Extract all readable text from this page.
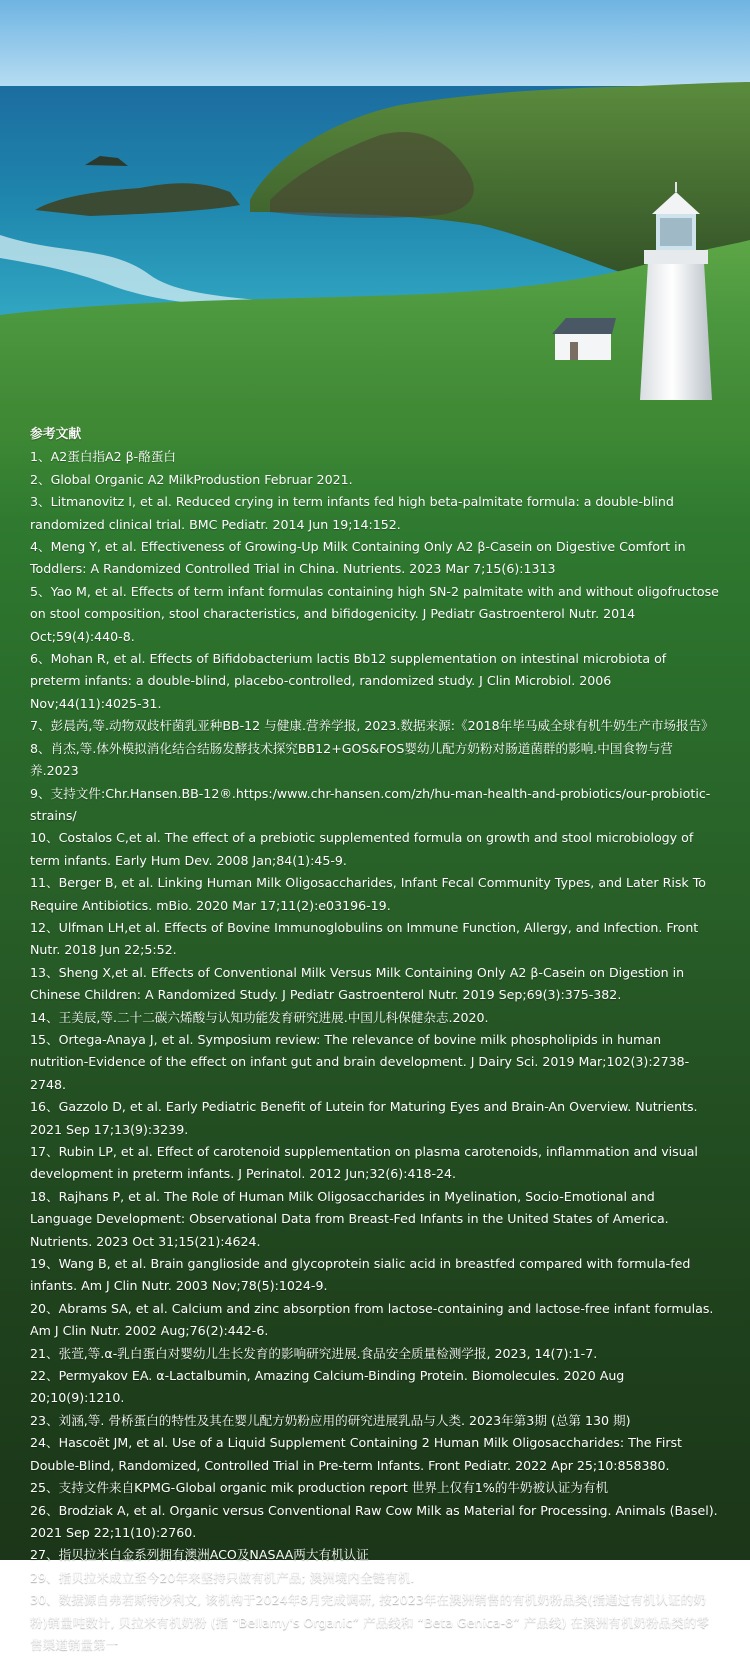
参考文献
1、A2蛋白指A2 β-酪蛋白
2、Global Organic A2 MilkProdustion Februar 2021.
3、Litmanovitz I, et al. Reduced crying in term infants fed high beta-palmitate formula: a double-blind randomized clinical trial. BMC Pediatr. 2014 Jun 19;14:152.
4、Meng Y, et al. Effectiveness of Growing-Up Milk Containing Only A2 β-Casein on Digestive Comfort in Toddlers: A Randomized Controlled Trial in China. Nutrients. 2023 Mar 7;15(6):1313
5、Yao M, et al. Effects of term infant formulas containing high SN-2 palmitate with and without oligofructose on stool composition, stool characteristics, and bifidogenicity. J Pediatr Gastroenterol Nutr. 2014 Oct;59(4):440-8.
6、Mohan R, et al. Effects of Bifidobacterium lactis Bb12 supplementation on intestinal microbiota of preterm infants: a double-blind, placebo-controlled, randomized study. J Clin Microbiol. 2006 Nov;44(11):4025-31.
7、彭晨芮,等.动物双歧杆菌乳亚种BB-12 与健康.营养学报, 2023.数据来源:《2018年毕马威全球有机牛奶生产市场报告》
8、肖杰,等.体外模拟消化结合结肠发酵技术探究BB12+GOS&FOS婴幼儿配方奶粉对肠道菌群的影响.中国食物与营养.2023
9、支持文件:Chr.Hansen.BB-12®.https:/www.chr-hansen.com/zh/hu-man-health-and-probiotics/our-probiotic-strains/
10、Costalos C,et al. The effect of a prebiotic supplemented formula on growth and stool microbiology of term infants. Early Hum Dev. 2008 Jan;84(1):45-9.
11、Berger B, et al. Linking Human Milk Oligosaccharides, Infant Fecal Community Types, and Later Risk To Require Antibiotics. mBio. 2020 Mar 17;11(2):e03196-19.
12、Ulfman LH,et al. Effects of Bovine Immunoglobulins on Immune Function, Allergy, and Infection. Front Nutr. 2018 Jun 22;5:52.
13、Sheng X,et al. Effects of Conventional Milk Versus Milk Containing Only A2 β-Casein on Digestion in Chinese Children: A Randomized Study. J Pediatr Gastroenterol Nutr. 2019 Sep;69(3):375-382.
14、王美辰,等.二十二碳六烯酸与认知功能发育研究进展.中国儿科保健杂志.2020.
15、Ortega-Anaya J, et al. Symposium review: The relevance of bovine milk phospholipids in human nutrition-Evidence of the effect on infant gut and brain development. J Dairy Sci. 2019 Mar;102(3):2738-2748.
16、Gazzolo D, et al. Early Pediatric Benefit of Lutein for Maturing Eyes and Brain-An Overview. Nutrients. 2021 Sep 17;13(9):3239.
17、Rubin LP, et al. Effect of carotenoid supplementation on plasma carotenoids, inflammation and visual development in preterm infants. J Perinatol. 2012 Jun;32(6):418-24.
18、Rajhans P, et al. The Role of Human Milk Oligosaccharides in Myelination, Socio-Emotional and Language Development: Observational Data from Breast-Fed Infants in the United States of America. Nutrients. 2023 Oct 31;15(21):4624.
19、Wang B, et al. Brain ganglioside and glycoprotein sialic acid in breastfed compared with formula-fed infants. Am J Clin Nutr. 2003 Nov;78(5):1024-9.
20、Abrams SA, et al. Calcium and zinc absorption from lactose-containing and lactose-free infant formulas. Am J Clin Nutr. 2002 Aug;76(2):442-6.
21、张萱,等.α-乳白蛋白对婴幼儿生长发育的影响研究进展.食品安全质量检测学报, 2023, 14(7):1-7.
22、Permyakov EA. α-Lactalbumin, Amazing Calcium-Binding Protein. Biomolecules. 2020 Aug 20;10(9):1210.
23、刘涵,等. 骨桥蛋白的特性及其在婴儿配方奶粉应用的研究进展乳品与人类. 2023年第3期 (总第 130 期)
24、Hascoët JM, et al. Use of a Liquid Supplement Containing 2 Human Milk Oligosaccharides: The First Double-Blind, Randomized, Controlled Trial in Pre-term Infants. Front Pediatr. 2022 Apr 25;10:858380.
25、支持文件来自KPMG-Global organic mik production report 世界上仅有1%的牛奶被认证为有机
26、Brodziak A, et al. Organic versus Conventional Raw Cow Milk as Material for Processing. Animals (Basel). 2021 Sep 22;11(10):2760.
27、指贝拉米白金系列拥有澳洲ACO及NASAA两大有机认证
29、指贝拉米成立至今20年来坚持只做有机产品; 澳洲境内全链有机.
30、数据源自弗若斯特沙利文, 该机构于2024年8月完成调研, 按2023年在澳洲销售的有机奶粉品类(指通过有机认证的奶粉)销量吨数计, 贝拉米有机奶粉 (指 “Bellamy's Organic” 产品线和 “Beta Genica-8” 产品线) 在澳洲有机奶粉品类的零售渠道销量第一
